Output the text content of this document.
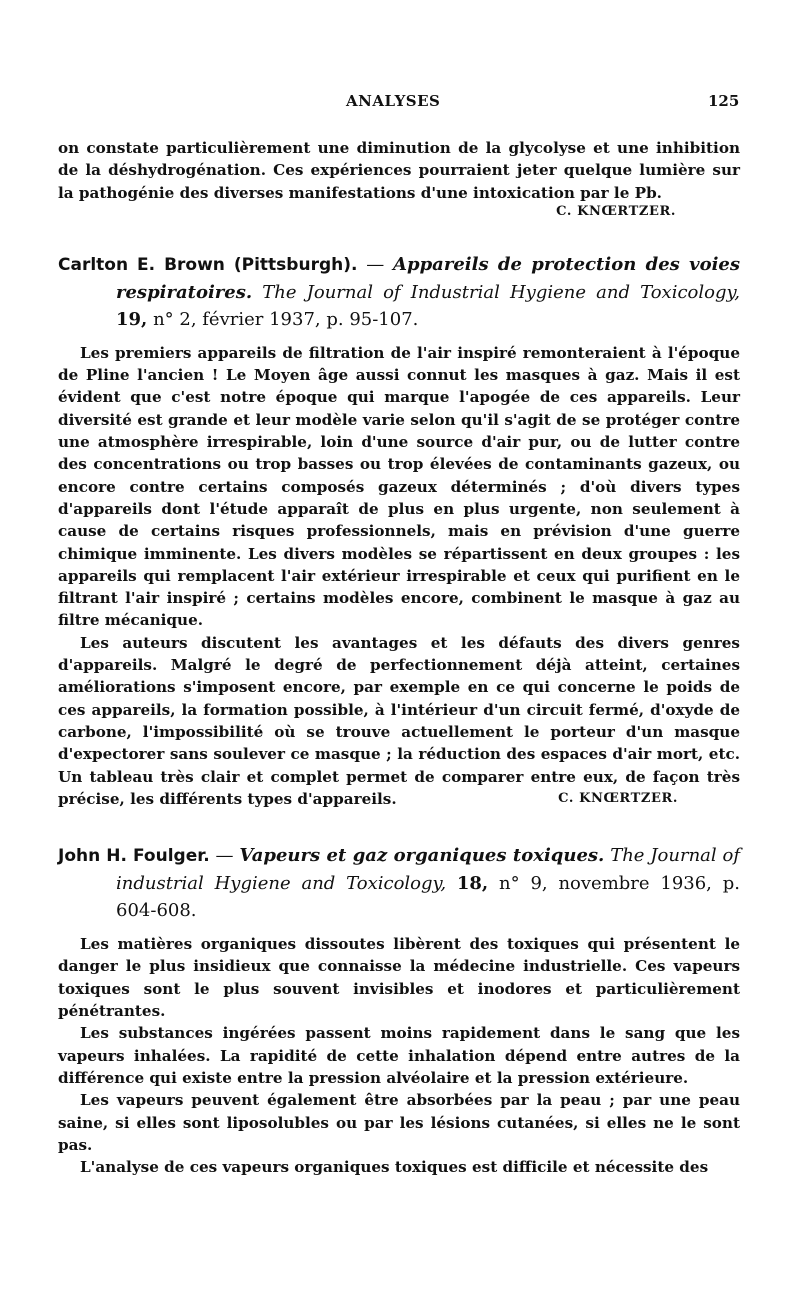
ANALYSES	125

on constate particulièrement une diminution de la glycolyse et une inhibition de la déshydrogénation. Ces expériences pourraient jeter quelque lumière sur la pathogénie des diverses manifestations d'une intoxication par le Pb.

C. KNŒRTZER.
Carlton E. Brown (Pittsburgh). — Appareils de protection des voies respiratoires. The Journal of Industrial Hygiene and Toxicology, 19, n° 2, février 1937, p. 95-107.

Les premiers appareils de filtration de l'air inspiré remonteraient à l'époque de Pline l'ancien ! Le Moyen âge aussi connut les masques à gaz. Mais il est évident que c'est notre époque qui marque l'apogée de ces appareils. Leur diversité est grande et leur modèle varie selon qu'il s'agit de se protéger contre une atmosphère irrespirable, loin d'une source d'air pur, ou de lutter contre des concentrations ou trop basses ou trop élevées de contaminants gazeux, ou encore contre certains composés gazeux déterminés ; d'où divers types d'appareils dont l'étude apparaît de plus en plus urgente, non seulement à cause de certains risques professionnels, mais en prévision d'une guerre chimique imminente. Les divers modèles se répartissent en deux groupes : les appareils qui remplacent l'air extérieur irrespirable et ceux qui purifient en le filtrant l'air inspiré ; certains modèles encore, combinent le masque à gaz au filtre mécanique.

Les auteurs discutent les avantages et les défauts des divers genres d'appareils. Malgré le degré de perfectionnement déjà atteint, certaines améliorations s'imposent encore, par exemple en ce qui concerne le poids de ces appareils, la formation possible, à l'intérieur d'un circuit fermé, d'oxyde de carbone, l'impossibilité où se trouve actuellement le porteur d'un masque d'expectorer sans soulever ce masque ; la réduction des espaces d'air mort, etc. Un tableau très clair et complet permet de comparer entre eux, de façon très précise, les différents types d'appareils.	C. KNŒRTZER.

John H. Foulger. — Vapeurs et gaz organiques toxiques. The Journal of industrial Hygiene and Toxicology, 18, n° 9, novembre 1936, p. 604-608.

Les matières organiques dissoutes libèrent des toxiques qui présentent le danger le plus insidieux que connaisse la médecine industrielle. Ces vapeurs toxiques sont le plus souvent invisibles et inodores et particulièrement pénétrantes.

Les substances ingérées passent moins rapidement dans le sang que les vapeurs inhalées. La rapidité de cette inhalation dépend entre autres de la différence qui existe entre la pression alvéolaire et la pression extérieure.

Les vapeurs peuvent également être absorbées par la peau ; par une peau saine, si elles sont liposolubles ou par les lésions cutanées, si elles ne le sont pas.

L'analyse de ces vapeurs organiques toxiques est difficile et nécessite des
